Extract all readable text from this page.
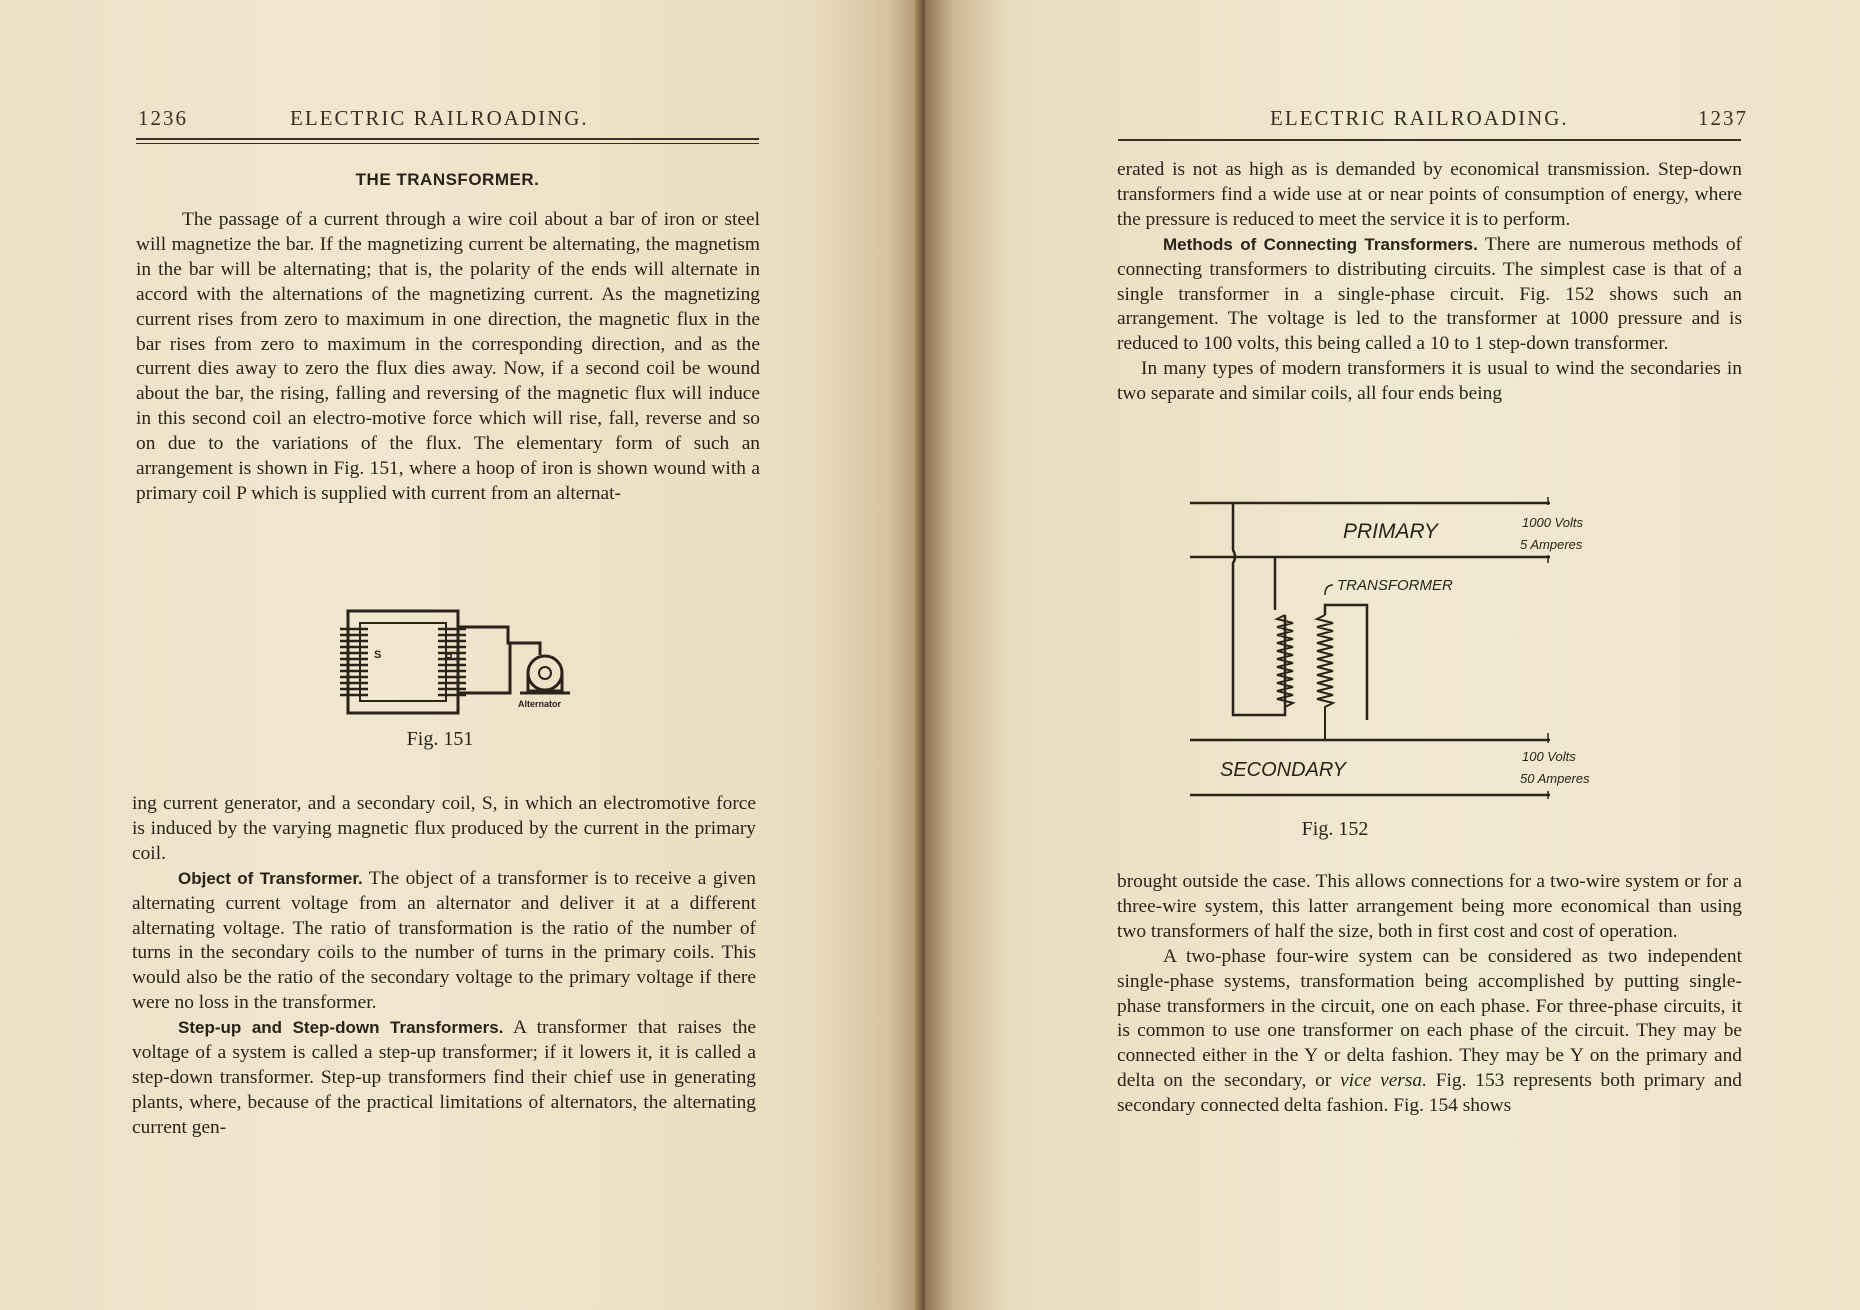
1236	ELECTRIC RAILROADING.
THE TRANSFORMER.

The passage of a current through a wire coil about a bar of iron or steel will magnetize the bar. If the magnetizing current be alternating, the magnetism in the bar will be alternating; that is, the polarity of the ends will alternate in accord with the alternations of the magnetizing current. As the magnetizing current rises from zero to maximum in one direction, the magnetic flux in the bar rises from zero to maximum in the corresponding direction, and as the current dies away to zero the flux dies away. Now, if a second coil be wound about the bar, the rising, falling and reversing of the magnetic flux will induce in this second coil an electro-motive force which will rise, fall, reverse and so on due to the variations of the flux. The elementary form of such an arrangement is shown in Fig. 151, where a hoop of iron is shown wound with a primary coil P which is supplied with current from an alternat-

S	P
Alternator
Fig. 151

ing current generator, and a secondary coil, S, in which an electromotive force is induced by the varying magnetic flux produced by the current in the primary coil.

Object of Transformer. The object of a transformer is to receive a given alternating current voltage from an alternator and deliver it at a different alternating voltage. The ratio of transformation is the ratio of the number of turns in the secondary coils to the number of turns in the primary coils. This would also be the ratio of the secondary voltage to the primary voltage if there were no loss in the transformer.

Step-up and Step-down Transformers. A transformer that raises the voltage of a system is called a step-up transformer; if it lowers it, it is called a step-down transformer. Step-up transformers find their chief use in generating plants, where, because of the practical limitations of alternators, the alternating current gen-

ELECTRIC RAILROADING.	1237

erated is not as high as is demanded by economical transmission. Step-down transformers find a wide use at or near points of consumption of energy, where the pressure is reduced to meet the service it is to perform.

Methods of Connecting Transformers. There are numerous methods of connecting transformers to distributing circuits. The simplest case is that of a single transformer in a single-phase circuit. Fig. 152 shows such an arrangement. The voltage is led to the transformer at 1000 pressure and is reduced to 100 volts, this being called a 10 to 1 step-down transformer.

In many types of modern transformers it is usual to wind the secondaries in two separate and similar coils, all four ends being

PRIMARY
TRANSFORMER
SECONDARY
1000 Volts
5 Amperes
100 Volts
50 Amperes
Fig. 152

brought outside the case. This allows connections for a two-wire system or for a three-wire system, this latter arrangement being more economical than using two transformers of half the size, both in first cost and cost of operation.

A two-phase four-wire system can be considered as two independent single-phase systems, transformation being accomplished by putting single-phase transformers in the circuit, one on each phase. For three-phase circuits, it is common to use one transformer on each phase of the circuit. They may be connected either in the Y or delta fashion. They may be Y on the primary and delta on the secondary, or vice versa. Fig. 153 represents both primary and secondary connected delta fashion. Fig. 154 shows
